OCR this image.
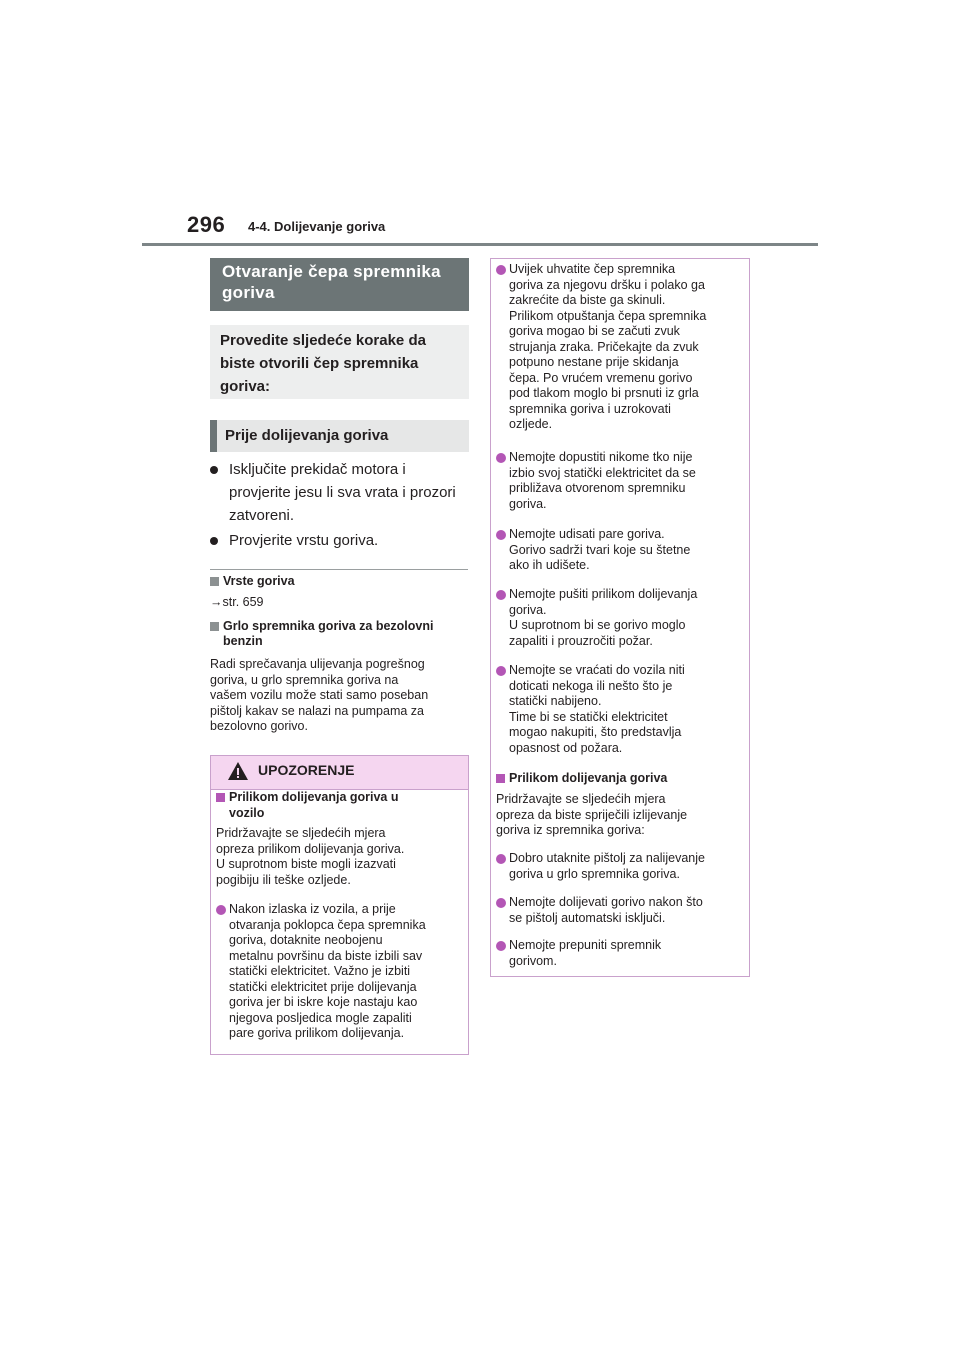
296 4-4. Dolijevanje goriva
Otvaranje čepa spremnika goriva
Provedite sljedeće korake da biste otvorili čep spremnika goriva:
Prije dolijevanja goriva
Isključite prekidač motora i provjerite jesu li sva vrata i prozori zatvoreni.
Provjerite vrstu goriva.
Vrste goriva
→str. 659
Grlo spremnika goriva za bezolovni benzin
Radi sprečavanja ulijevanja pogrešnog
goriva, u grlo spremnika goriva na
vašem vozilu može stati samo poseban
pištolj kakav se nalazi na pumpama za
bezolovno gorivo.
UPOZORENJE
Prilikom dolijevanja goriva u
vozilo
Pridržavajte se sljedećih mjera
opreza prilikom dolijevanja goriva.
U suprotnom biste mogli izazvati
pogibiju ili teške ozljede.
Nakon izlaska iz vozila, a prije
otvaranja poklopca čepa spremnika
goriva, dotaknite neobojenu
metalnu površinu da biste izbili sav
statički elektricitet. Važno je izbiti
statički elektricitet prije dolijevanja
goriva jer bi iskre koje nastaju kao
njegova posljedica mogle zapaliti
pare goriva prilikom dolijevanja.
Uvijek uhvatite čep spremnika
goriva za njegovu dršku i polako ga
zakrećite da biste ga skinuli.
Prilikom otpuštanja čepa spremnika
goriva mogao bi se začuti zvuk
strujanja zraka. Pričekajte da zvuk
potpuno nestane prije skidanja
čepa. Po vrućem vremenu gorivo
pod tlakom moglo bi prsnuti iz grla
spremnika goriva i uzrokovati
ozljede.
Nemojte dopustiti nikome tko nije
izbio svoj statički elektricitet da se
približava otvorenom spremniku
goriva.
Nemojte udisati pare goriva.
Gorivo sadrži tvari koje su štetne
ako ih udišete.
Nemojte pušiti prilikom dolijevanja
goriva.
U suprotnom bi se gorivo moglo
zapaliti i prouzročiti požar.
Nemojte se vraćati do vozila niti
doticati nekoga ili nešto što je
statički nabijeno.
Time bi se statički elektricitet
mogao nakupiti, što predstavlja
opasnost od požara.
Prilikom dolijevanja goriva
Pridržavajte se sljedećih mjera
opreza da biste spriječili izlijevanje
goriva iz spremnika goriva:
Dobro utaknite pištolj za nalijevanje
goriva u grlo spremnika goriva.
Nemojte dolijevati gorivo nakon što
se pištolj automatski isključi.
Nemojte prepuniti spremnik
gorivom.
